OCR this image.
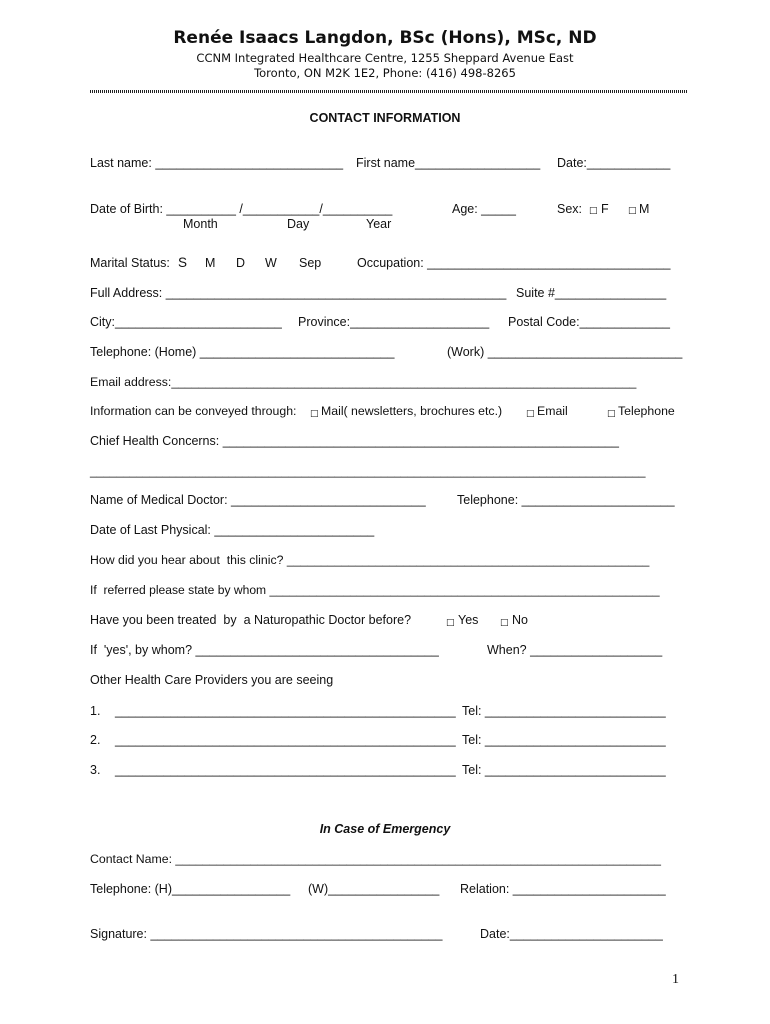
Renée Isaacs Langdon, BSc (Hons), MSc, ND
CCNM Integrated Healthcare Centre, 1255 Sheppard Avenue East
Toronto, ON M2K 1E2, Phone: (416) 498-8265
CONTACT INFORMATION
Last name: ___________________________ First name__________________ Date:____________
Date of Birth: __________ /___________/__________	Age: _____	Sex: □ F □ M
Month	Day	Year
Marital Status: S M D W Sep	Occupation: ___________________________________
Full Address: _________________________________________________ Suite #________________
City:________________________ Province:____________________ Postal Code:_____________
Telephone: (Home) ____________________________	(Work) ____________________________
Email address:____________________________________________________________________
Information can be conveyed through: □ Mail( newsletters, brochures etc.)	□ Email	□ Telephone
Chief Health Concerns: _________________________________________________________
____________________________________________________________________________________
Name of Medical Doctor: ____________________________	Telephone: ______________________
Date of Last Physical: _______________________
How did you hear about  this clinic? _____________________________________________________
If  referred please state by whom __________________________________________________________
Have you been treated  by  a Naturopathic Doctor before?	□ Yes □ No
If  'yes', by whom? ___________________________________	When? ___________________
Other Health Care Providers you are seeing
1. _________________________________________________ Tel: __________________________
2. _________________________________________________ Tel: __________________________
3. _________________________________________________ Tel: __________________________
In Case of Emergency
Contact Name: _______________________________________________________________________
Telephone: (H)_________________ (W)________________ Relation: ______________________
Signature: __________________________________________	Date:______________________
1
